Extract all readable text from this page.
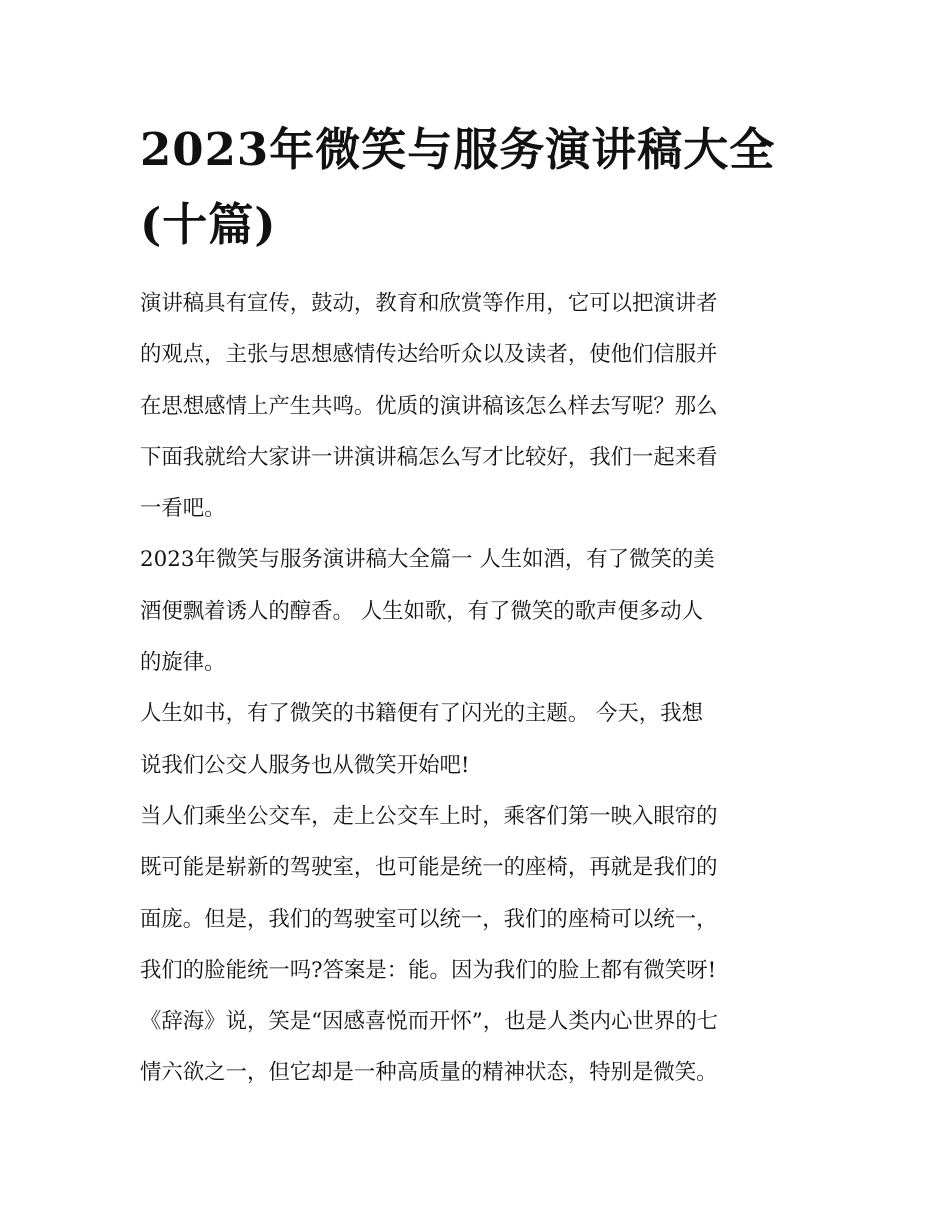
2023年微笑与服务演讲稿大全
(十篇)
演讲稿具有宣传，鼓动，教育和欣赏等作用，它可以把演讲者
的观点，主张与思想感情传达给听众以及读者，使他们信服并
在思想感情上产生共鸣。优质的演讲稿该怎么样去写呢？那么
下面我就给大家讲一讲演讲稿怎么写才比较好，我们一起来看
一看吧。
2023年微笑与服务演讲稿大全篇一 人生如酒，有了微笑的美
酒便飘着诱人的醇香。 人生如歌，有了微笑的歌声便多动人
的旋律。
人生如书，有了微笑的书籍便有了闪光的主题。 今天，我想
说我们公交人服务也从微笑开始吧!
当人们乘坐公交车，走上公交车上时，乘客们第一映入眼帘的
既可能是崭新的驾驶室，也可能是统一的座椅，再就是我们的
面庞。但是，我们的驾驶室可以统一，我们的座椅可以统一，
我们的脸能统一吗?答案是：能。因为我们的脸上都有微笑呀!
《辞海》说，笑是“因感喜悦而开怀”，也是人类内心世界的七
情六欲之一，但它却是一种高质量的精神状态，特别是微笑。
